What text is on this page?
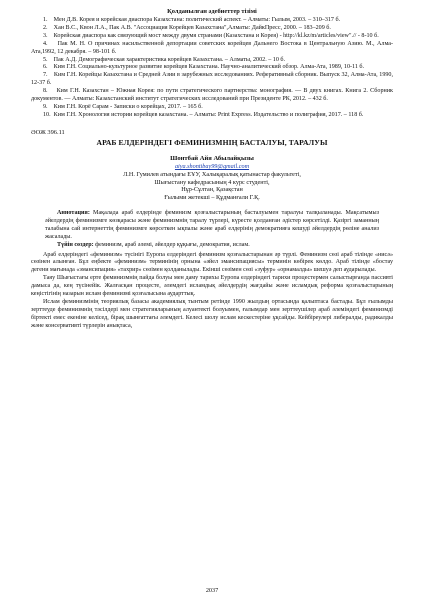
Қолданылған әдебиеттер тізімі

1.    Мен Д.В. Корея и корейская диаспора Казахстана: политический аспект. – Алматы: Гылым, 2003. – 310–317 б.

2.    Хан В.С., Квон Л.А., Пак А.В. "Ассоциация Корейцев Казахстана",Алматы: ДайкПресс, 2000. – 183–209 б.

3.    Корейская диаспора как связующий мост между двумя странами (Казахстана и Корея) - http://kl.kz/m/articles/view".// - 8-10 б.

4.    Пак М. Н. О причинах насильственной депортации советских корейцев Дальнего Востока в Центральную Азию. М., Алма-Ата,1992, 12 декабря. – 98-101 б.

5.    Пак А.Д. Демографическая характеристика корейцев Казахстана. – Алматы, 2002. – 10 б.

6.    Ким Г.Н. Социально-культурное развитие корейцев Казахстана. Научно-аналитический обзор. Алма-Ата, 1989, 10-11 б.

7.    Ким Г.Н. Корейцы Казахстана и Средней Азии в зарубежных исследованиях. Реферативный сборник. Выпуск 32, Алма-Ата, 1990, 12-37 б.

8.    Ким Г.Н. Казахстан – Южная Корея: по пути стратегического партнерства: монография. — В двух книгах. Книга 2. Сборник документов. — Алматы: Казахстанский институт стратегических исследований при Президенте РК, 2012. – 432 б.

9.    Ким Г.Н. Корё Сарам - Записки о корейцах, 2017. – 165 б.

10.  Ким Г.Н. Хронология истории корейцев казахстана. – Алматы: Print Express. Издательство и полиграфия, 2017. – 118 б.

ӘОЖ 396.11
АРАБ ЕЛДЕРІНДЕГІ ФЕМИНИЗМНІҢ БАСТАЛУЫ, ТАРАЛУЫ
Шонтбай Айя Абылайқызы
aiya.shontibay99@gmail.com
Л.Н. Гумилев атындағы ЕҰУ, Халықаралық қатынастар факультеті,
Шығыстану кафедрасының 4 курс студенті,
Нұр-Сұлтан, Қазақстан
Ғылыми жетекші – Құдманғали Г.Қ.

Аннотация: Мақалада араб елдерінде феминизм қозғалыстарының басталуымен таралуы талқыланады. Мақсатымыз әйелдердің феминизмге көзқарасы және феминизмнің таралу түрлері, күресте қолданған әдістер көрсетілді. Қазіргі заманның талабына сай интернеттің феминизмге көрсеткен ықпалы және араб елдерінің демократияға кешуді әйелдердің рөліне анализ жасалады.

Түйін сөздер: феминизм, араб әлемі, әйелдер құқығы, демократия, ислам.

Араб елдеріндегі «феминизм» түсінігі Еуропа елдеріндегі феминизм қозғалыстарынан әр түрлі. Феминизм сөзі араб тілінде «нисә» сөзінен алынған. Бұл еңбекте «феминизм» терминінің орнына «әйел эмансипациясы» терминін көбірек көлдо. Араб тілінде «бостау дегени мағынада «эмансипация» «тахрир» сөзімен қолданылады. Екінші сөзімен сөзі «зуфур» «орнамалды» шешуә деп аударылады.

Таяу Шығыстағы ерте феминизмнің пайда болуы мен даму тарихы Еуропа елдеріндегі тарихи процестермен салыстырғанда пассивті дамыса да, кең түсінейік. Жалғасқан процесте, әлемдегі исламдық әйелдердің жағдайы және исламдық реформа қозғалыстарының кеңістігінің назарын ислам феминизмі қозғалысына аударттық.

Ислам феминизмінің теориялық базасы академиялық тынтым ретінде 1990 жылдың ортасында қалыптаса бастады. Бұл ғылымды зерттеуде феминизмнің тәсілдері мен стратегияларының алуантекті болуымен, ғалымдар мен зерттеушілер араб әлеміндегі феминизмді біртекті емес екеніне келісед, бірақ шынғаттағы әлемдегі. Келесі шолу ислам кескестеріне ұқсайды. Кейбіреулері либералды, радикалды және консервативті түрлерін анықтаса,

2037
